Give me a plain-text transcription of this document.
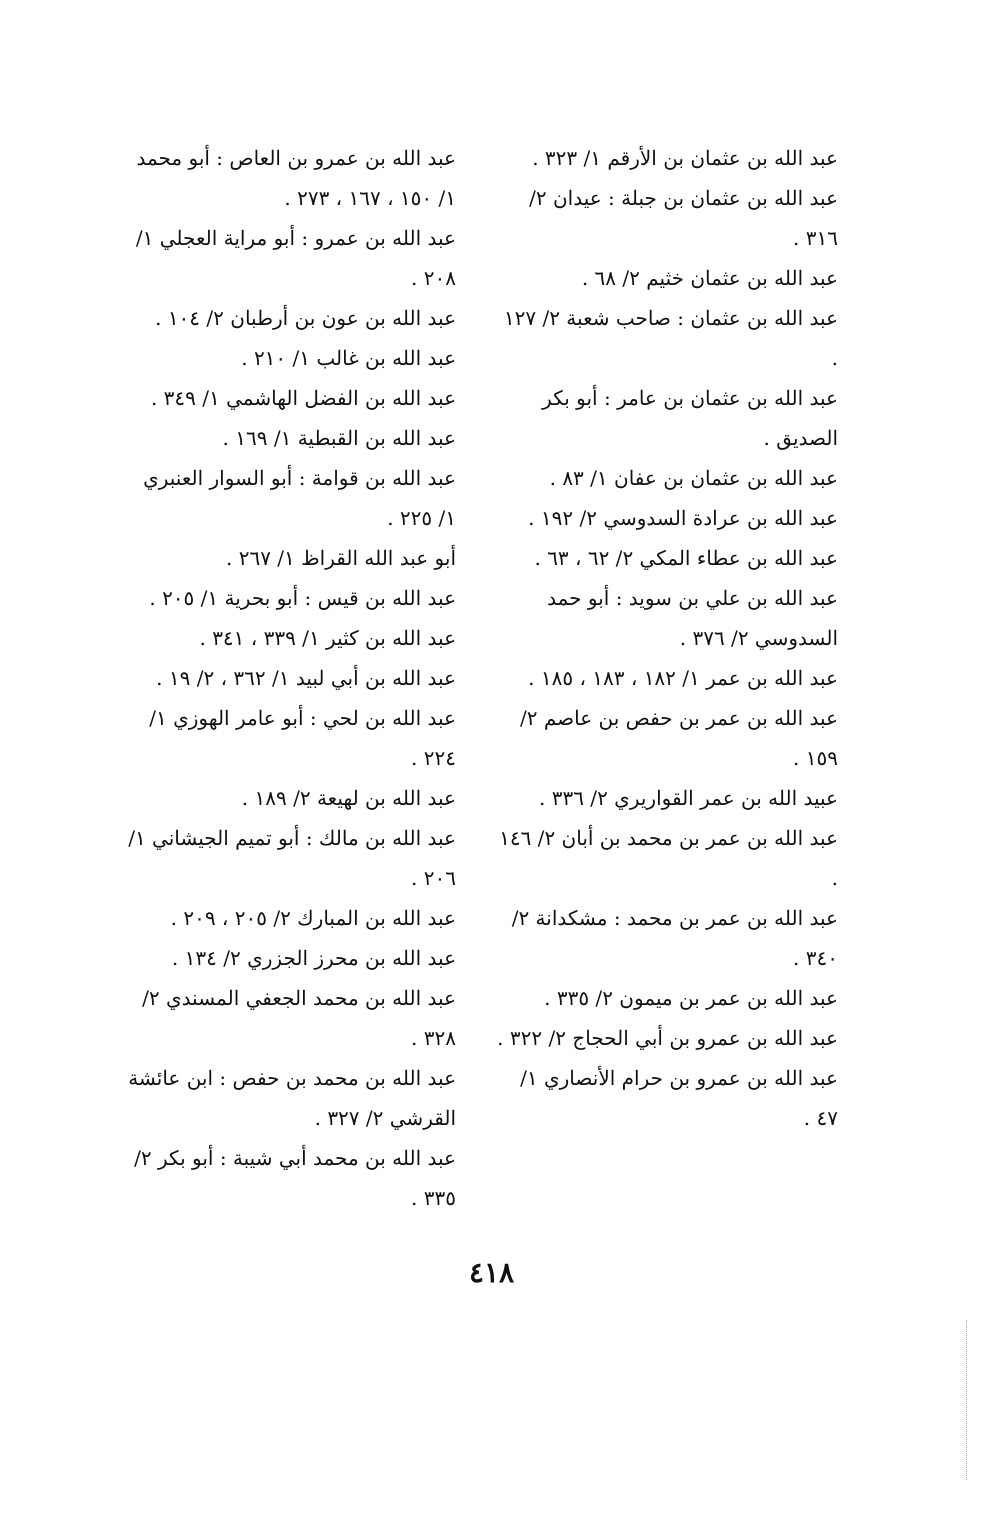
عبد الله بن عثمان بن الأرقم ١/ ٣٢٣ .

عبد الله بن عثمان بن جبلة : عيدان ٢/ ٣١٦ .

عبد الله بن عثمان خثيم ٢/ ٦٨ .

عبد الله بن عثمان : صاحب شعبة ٢/ ١٢٧ .

عبد الله بن عثمان بن عامر : أبو بكر الصديق .

عبد الله بن عثمان بن عفان ١/ ٨٣ .

عبد الله بن عرادة السدوسي ٢/ ١٩٢ .

عبد الله بن عطاء المكي ٢/ ٦٢ ، ٦٣ .

عبد الله بن علي بن سويد : أبو حمد السدوسي ٢/ ٣٧٦ .

عبد الله بن عمر ١/ ١٨٢ ، ١٨٣ ، ١٨٥ .

عبد الله بن عمر بن حفص بن عاصم ٢/ ١٥٩ .

عبيد الله بن عمر القواريري ٢/ ٣٣٦ .

عبد الله بن عمر بن محمد بن أبان ٢/ ١٤٦ .

عبد الله بن عمر بن محمد : مشكدانة ٢/ ٣٤٠ .

عبد الله بن عمر بن ميمون ٢/ ٣٣٥ .

عبد الله بن عمرو بن أبي الحجاج ٢/ ٣٢٢ .

عبد الله بن عمرو بن حرام الأنصاري ١/ ٤٧ .

عبد الله بن عمرو بن العاص : أبو محمد ١/ ١٥٠ ، ١٦٧ ، ٢٧٣ .

عبد الله بن عمرو : أبو مراية العجلي ١/ ٢٠٨ .

عبد الله بن عون بن أرطبان ٢/ ١٠٤ .

عبد الله بن غالب ١/ ٢١٠ .

عبد الله بن الفضل الهاشمي ١/ ٣٤٩ .

عبد الله بن القبطية ١/ ١٦٩ .

عبد الله بن قوامة : أبو السوار العنبري ١/ ٢٢٥ .

أبو عبد الله القراظ ١/ ٢٦٧ .

عبد الله بن قيس : أبو بحرية ١/ ٢٠٥ .

عبد الله بن كثير ١/ ٣٣٩ ، ٣٤١ .

عبد الله بن أبي لبيد ١/ ٣٦٢ ، ٢/ ١٩ .

عبد الله بن لحي : أبو عامر الهوزي ١/ ٢٢٤ .

عبد الله بن لهيعة ٢/ ١٨٩ .

عبد الله بن مالك : أبو تميم الجيشاني ١/ ٢٠٦ .

عبد الله بن المبارك ٢/ ٢٠٥ ، ٢٠٩ .

عبد الله بن محرز الجزري ٢/ ١٣٤ .

عبد الله بن محمد الجعفي المسندي ٢/ ٣٢٨ .

عبد الله بن محمد بن حفص : ابن عائشة القرشي ٢/ ٣٢٧ .

عبد الله بن محمد أبي شيبة : أبو بكر ٢/ ٣٣٥ .

٤١٨
